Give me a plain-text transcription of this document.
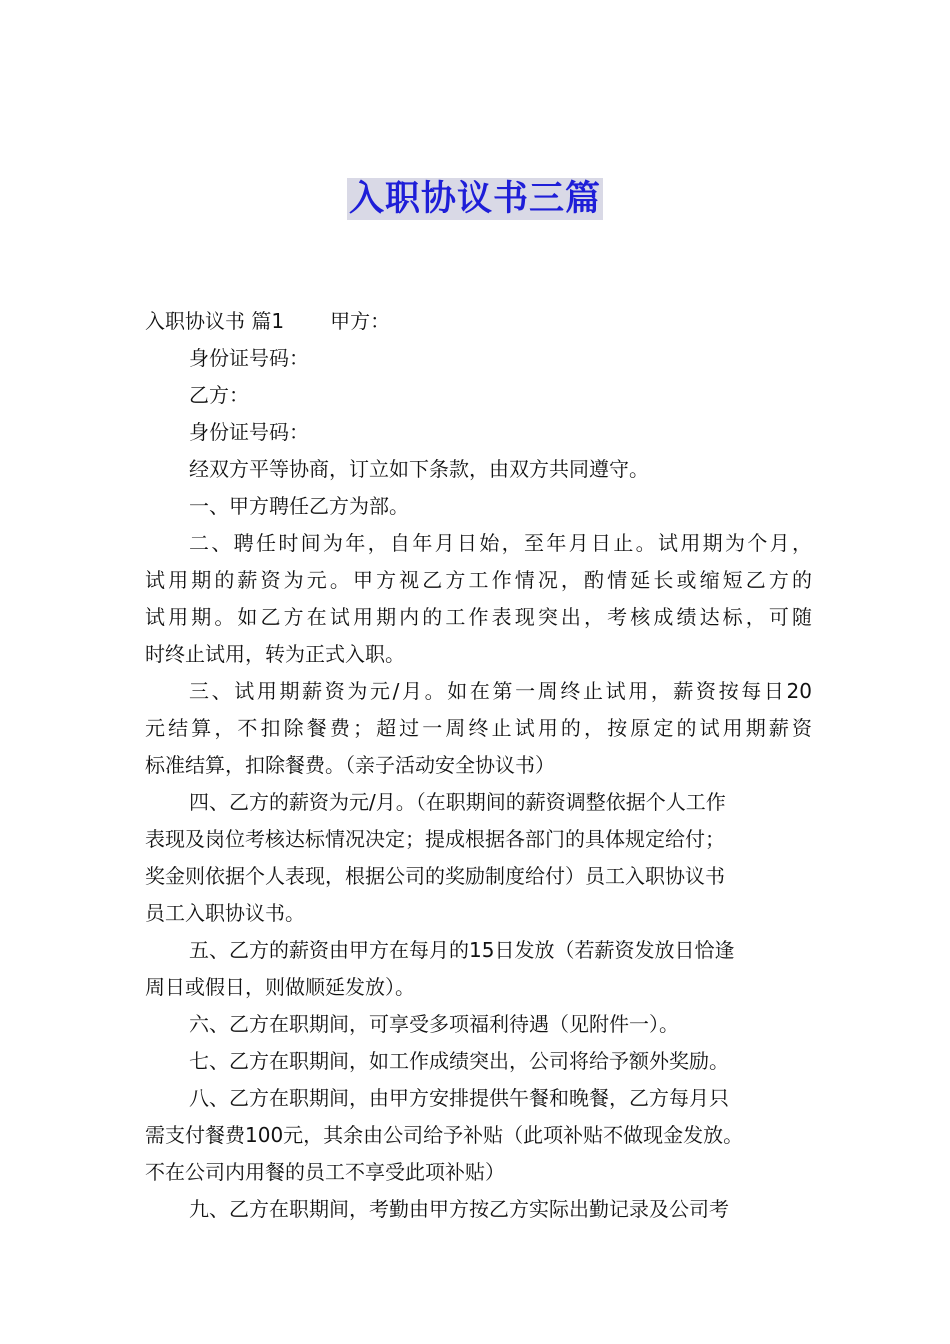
入职协议书三篇
入职协议书 篇1 甲方：
身份证号码：
乙方：
身份证号码：
经双方平等协商，订立如下条款，由双方共同遵守。
一、甲方聘任乙方为部。
二、聘任时间为年，自年月日始，至年月日止。试用期为个月，
试用期的薪资为元。甲方视乙方工作情况，酌情延长或缩短乙方的
试用期。如乙方在试用期内的工作表现突出，考核成绩达标，可随
时终止试用，转为正式入职。
三、试用期薪资为元/月。如在第一周终止试用，薪资按每日20
元结算，不扣除餐费；超过一周终止试用的，按原定的试用期薪资
标准结算，扣除餐费。（亲子活动安全协议书）
四、乙方的薪资为元/月。（在职期间的薪资调整依据个人工作
表现及岗位考核达标情况决定；提成根据各部门的具体规定给付；
奖金则依据个人表现，根据公司的奖励制度给付）员工入职协议书
员工入职协议书。
五、乙方的薪资由甲方在每月的15日发放（若薪资发放日恰逢
周日或假日，则做顺延发放）。
六、乙方在职期间，可享受多项福利待遇（见附件一）。
七、乙方在职期间，如工作成绩突出，公司将给予额外奖励。
八、乙方在职期间，由甲方安排提供午餐和晚餐，乙方每月只
需支付餐费100元，其余由公司给予补贴（此项补贴不做现金发放。
不在公司内用餐的员工不享受此项补贴）
九、乙方在职期间，考勤由甲方按乙方实际出勤记录及公司考
